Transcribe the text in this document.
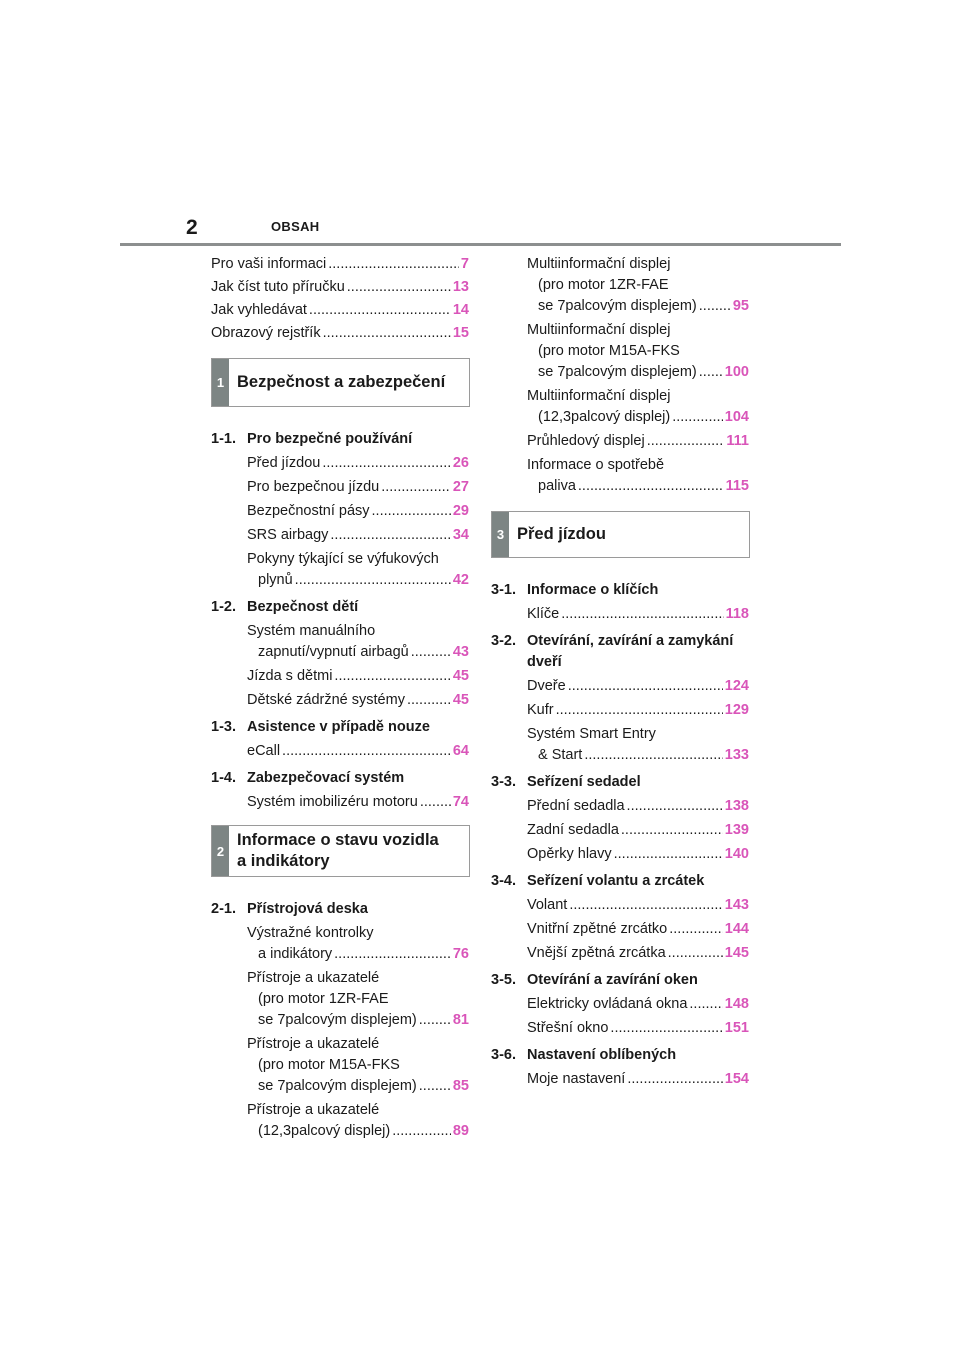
2	OBSAH
Pro vaši informaci .....	7
Jak číst tuto příručku .....	13
Jak vyhledávat .....	14
Obrazový rejstřík .....	15
1 Bezpečnost a zabezpečení
1-1. Pro bezpečné používání
Před jízdou .....	26
Pro bezpečnou jízdu .....	27
Bezpečnostní pásy .....	29
SRS airbagy .....	34
Pokyny týkající se výfukových
plynů .....	42
1-2. Bezpečnost dětí
Systém manuálního
zapnutí/vypnutí airbagů .....	43
Jízda s dětmi .....	45
Dětské zádržné systémy .....	45
1-3. Asistence v případě nouze
eCall .....	64
1-4. Zabezpečovací systém
Systém imobilizéru motoru ..... 74
2
Informace o stavu vozidla
a indikátory
2-1. Přístrojová deska
Výstražné kontrolky
a indikátory .....	76
Přístroje a ukazatelé
(pro motor 1ZR-FAE
se 7palcovým displejem) ..... 81
Přístroje a ukazatelé
(pro motor M15A-FKS
se 7palcovým displejem) ..... 85
Přístroje a ukazatelé
(12,3palcový displej) .....	89
Multiinformační displej
(pro motor 1ZR-FAE
se 7palcovým displejem) ..... 95
Multiinformační displej
(pro motor M15A-FKS
se 7palcovým displejem) ..... 100
Multiinformační displej
(12,3palcový displej) .....	104
Průhledový displej .....	111
Informace o spotřebě
paliva .....	115
3 Před jízdou
3-1. Informace o klíčích
Klíče .....	118
3-2. Otevírání, zavírání a zamykání
dveří
Dveře .....	124
Kufr .....	129
Systém Smart Entry
& Start .....	133
3-3. Seřízení sedadel
Přední sedadla .....	138
Zadní sedadla .....	139
Opěrky hlavy .....	140
3-4. Seřízení volantu a zrcátek
Volant .....	143
Vnitřní zpětné zrcátko .....	144
Vnější zpětná zrcátka .....	145
3-5. Otevírání a zavírání oken
Elektricky ovládaná okna .....	148
Střešní okno .....	151
3-6. Nastavení oblíbených
Moje nastavení .....	154
